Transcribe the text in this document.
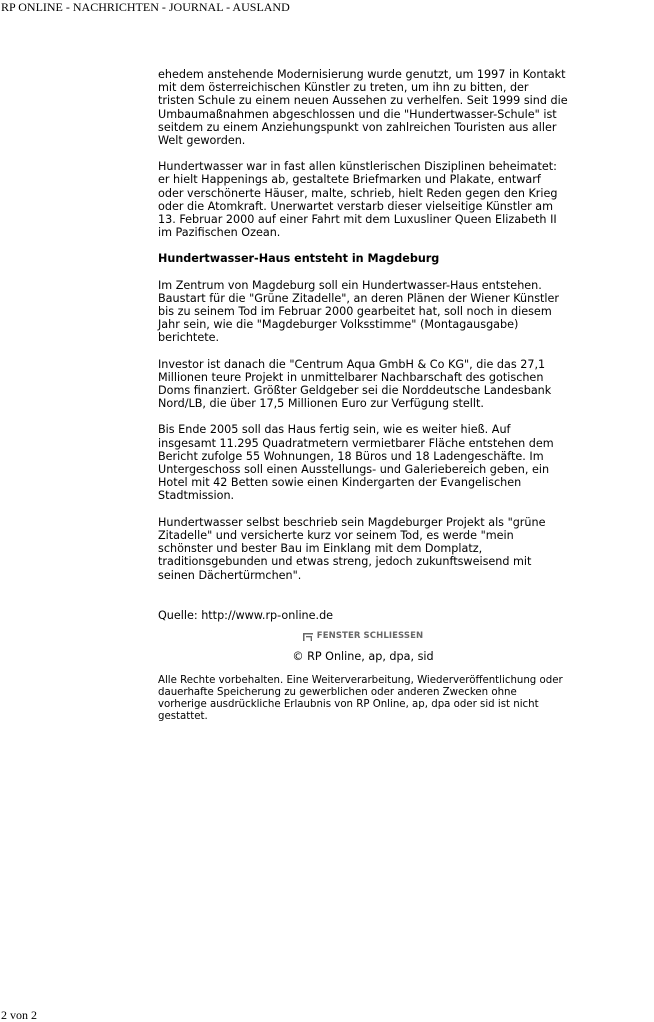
RP ONLINE - NACHRICHTEN - JOURNAL - AUSLAND

ehedem anstehende Modernisierung wurde genutzt, um 1997 in Kontakt mit dem österreichischen Künstler zu treten, um ihn zu bitten, der tristen Schule zu einem neuen Aussehen zu verhelfen. Seit 1999 sind die Umbaumaßnahmen abgeschlossen und die "Hundertwasser-Schule" ist seitdem zu einem Anziehungspunkt von zahlreichen Touristen aus aller Welt geworden.

Hundertwasser war in fast allen künstlerischen Disziplinen beheimatet: er hielt Happenings ab, gestaltete Briefmarken und Plakate, entwarf oder verschönerte Häuser, malte, schrieb, hielt Reden gegen den Krieg oder die Atomkraft. Unerwartet verstarb dieser vielseitige Künstler am 13. Februar 2000 auf einer Fahrt mit dem Luxusliner Queen Elizabeth II im Pazifischen Ozean.

Hundertwasser-Haus entsteht in Magdeburg

Im Zentrum von Magdeburg soll ein Hundertwasser-Haus entstehen. Baustart für die "Grüne Zitadelle", an deren Plänen der Wiener Künstler bis zu seinem Tod im Februar 2000 gearbeitet hat, soll noch in diesem Jahr sein, wie die "Magdeburger Volksstimme" (Montagausgabe) berichtete.

Investor ist danach die "Centrum Aqua GmbH & Co KG", die das 27,1 Millionen teure Projekt in unmittelbarer Nachbarschaft des gotischen Doms finanziert. Größter Geldgeber sei die Norddeutsche Landesbank Nord/LB, die über 17,5 Millionen Euro zur Verfügung stellt.

Bis Ende 2005 soll das Haus fertig sein, wie es weiter hieß. Auf insgesamt 11.295 Quadratmetern vermietbarer Fläche entstehen dem Bericht zufolge 55 Wohnungen, 18 Büros und 18 Ladengeschäfte. Im Untergeschoss soll einen Ausstellungs- und Galeriebereich geben, ein Hotel mit 42 Betten sowie einen Kindergarten der Evangelischen Stadtmission.

Hundertwasser selbst beschrieb sein Magdeburger Projekt als "grüne Zitadelle" und versicherte kurz vor seinem Tod, es werde "mein schönster und bester Bau im Einklang mit dem Domplatz, traditionsgebunden und etwas streng, jedoch zukunftsweisend mit seinen Dächertürmchen".

Quelle: http://www.rp-online.de

FENSTER SCHLIESSEN

© RP Online, ap, dpa, sid

Alle Rechte vorbehalten. Eine Weiterverarbeitung, Wiederveröffentlichung oder dauerhafte Speicherung zu gewerblichen oder anderen Zwecken ohne vorherige ausdrückliche Erlaubnis von RP Online, ap, dpa oder sid ist nicht gestattet.

2 von 2
